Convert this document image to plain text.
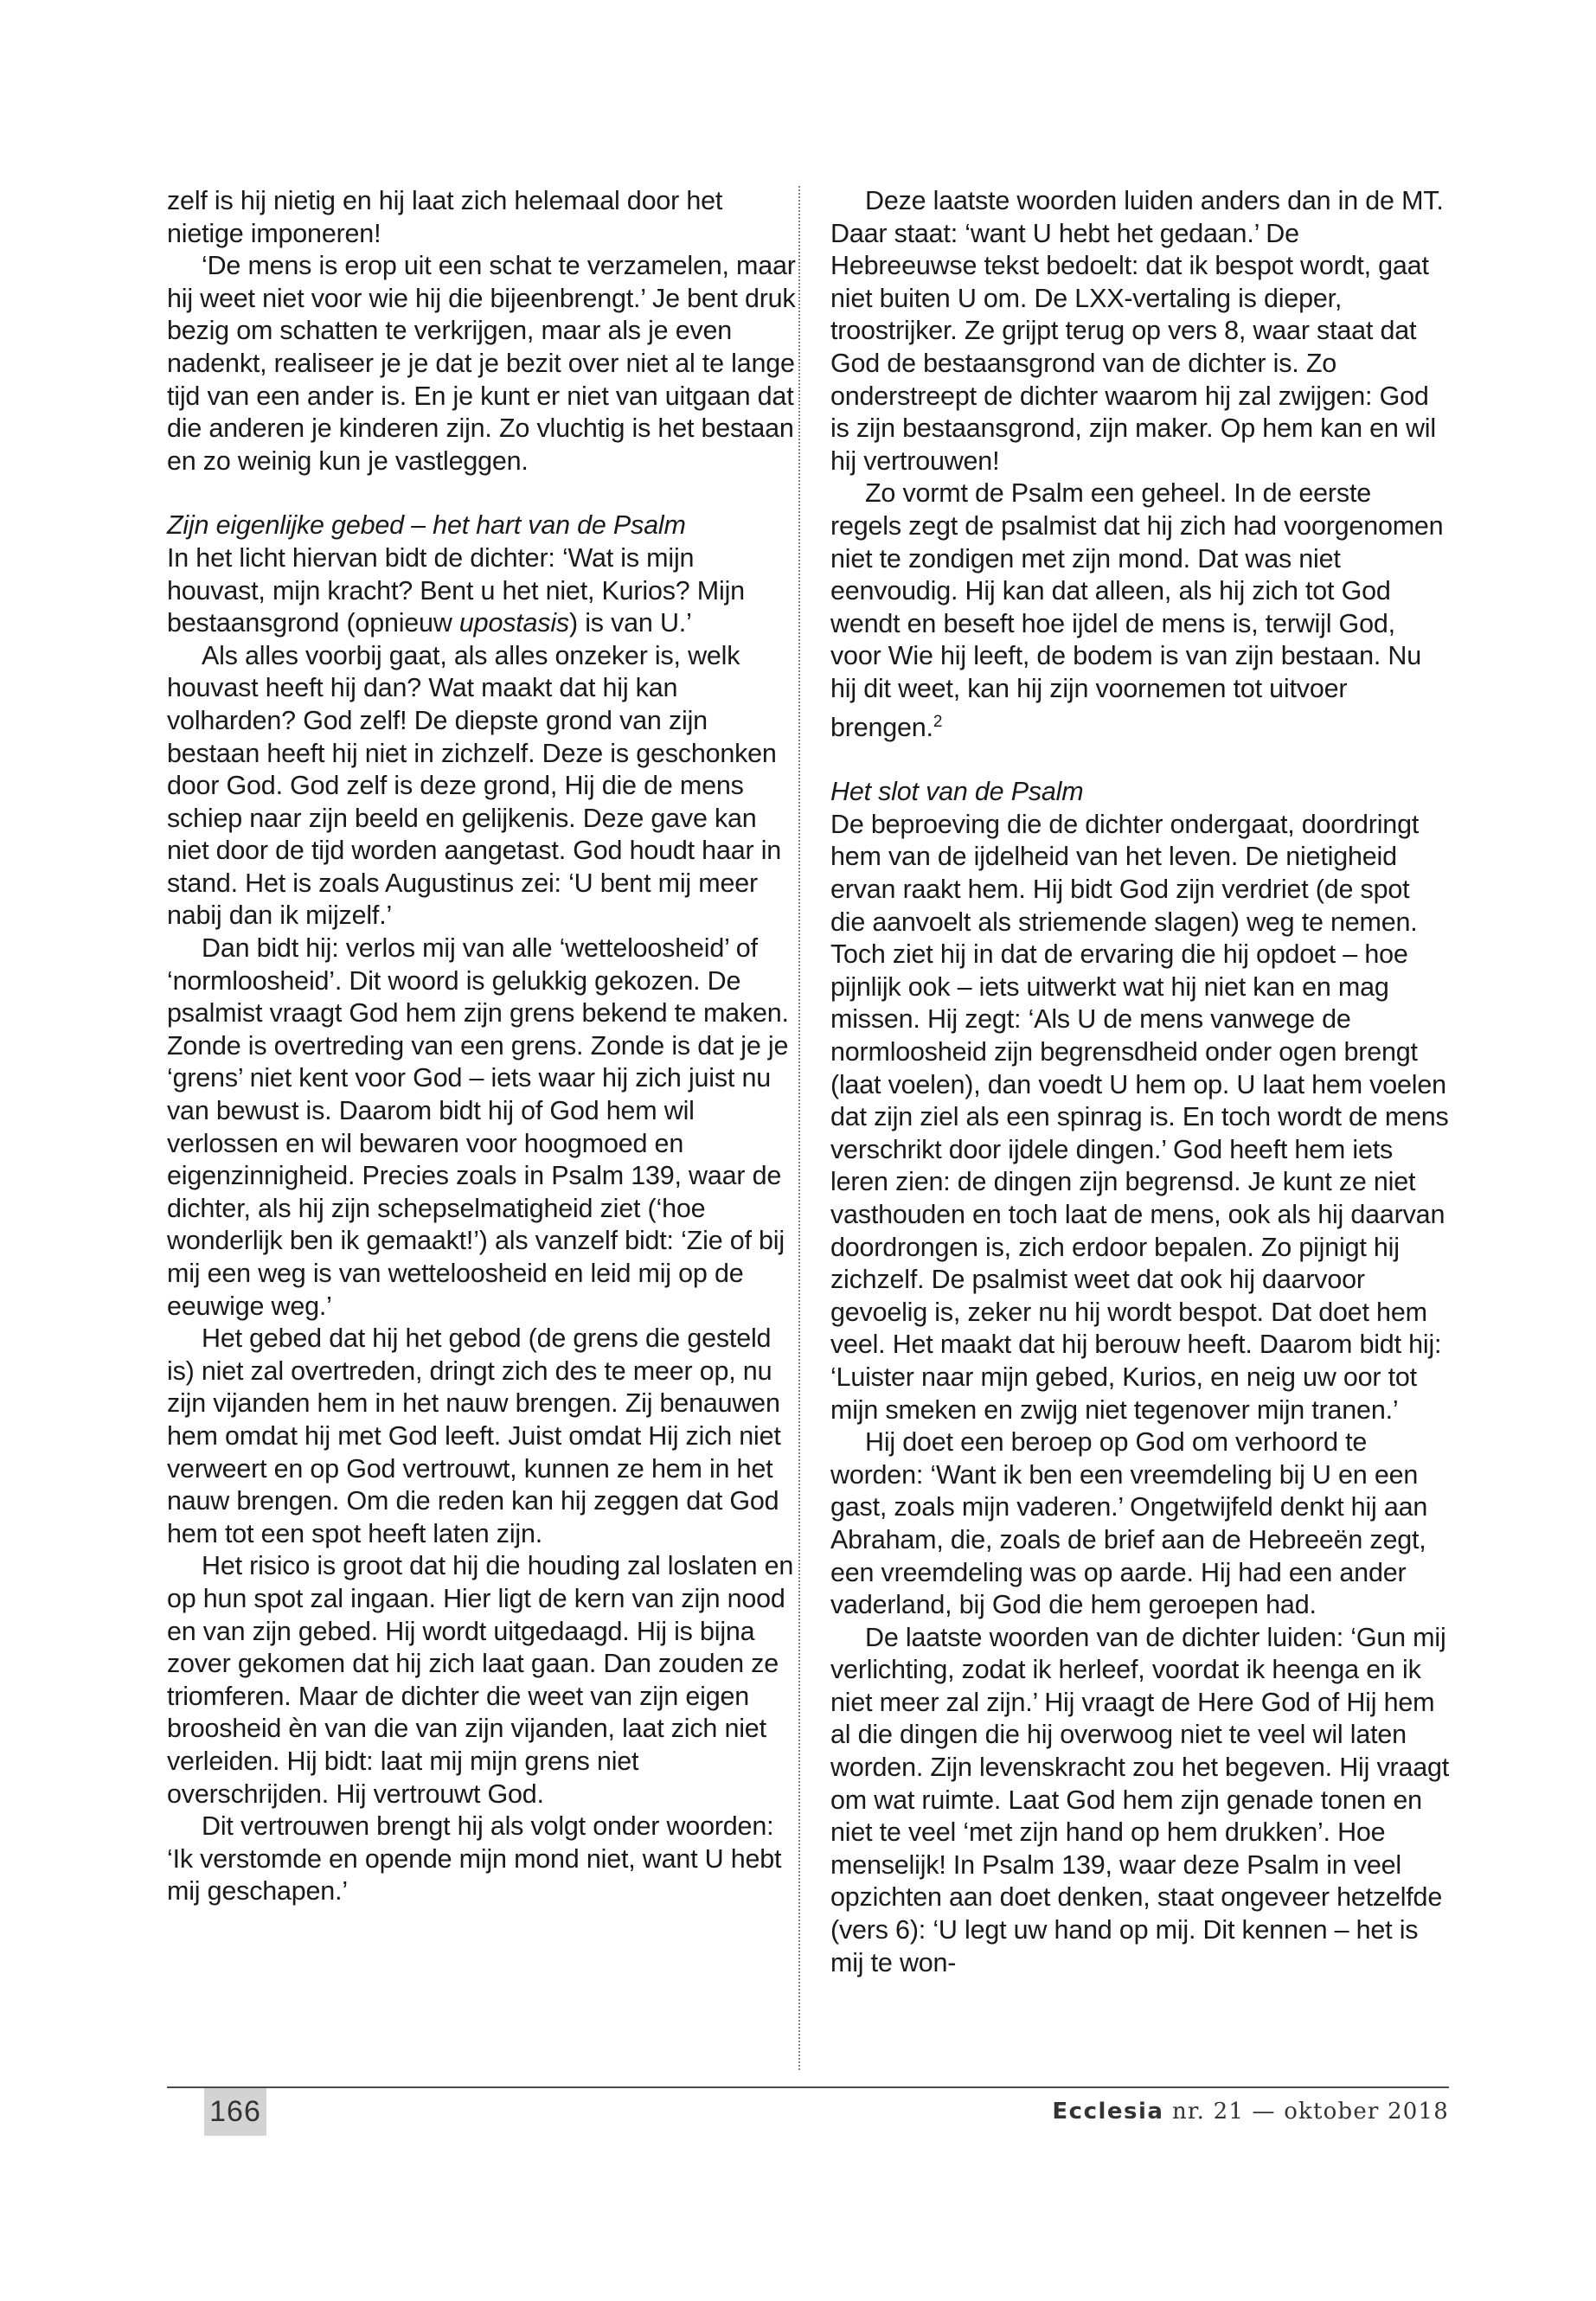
zelf is hij nietig en hij laat zich helemaal door het nietige imponeren!

‘De mens is erop uit een schat te verzamelen, maar hij weet niet voor wie hij die bijeenbrengt.’ Je bent druk bezig om schatten te verkrijgen, maar als je even nadenkt, realiseer je je dat je bezit over niet al te lange tijd van een ander is. En je kunt er niet van uitgaan dat die anderen je kinderen zijn. Zo vluchtig is het bestaan en zo weinig kun je vastleggen.

Zijn eigenlijke gebed – het hart van de Psalm

In het licht hiervan bidt de dichter: ‘Wat is mijn houvast, mijn kracht? Bent u het niet, Kurios? Mijn bestaansgrond (opnieuw upostasis) is van U.’

Als alles voorbij gaat, als alles onzeker is, welk houvast heeft hij dan? Wat maakt dat hij kan volharden? God zelf! De diepste grond van zijn bestaan heeft hij niet in zichzelf. Deze is geschonken door God. God zelf is deze grond, Hij die de mens schiep naar zijn beeld en gelijkenis. Deze gave kan niet door de tijd worden aangetast. God houdt haar in stand. Het is zoals Augustinus zei: ‘U bent mij meer nabij dan ik mijzelf.’

Dan bidt hij: verlos mij van alle ‘wetteloosheid’ of ‘normloosheid’. Dit woord is gelukkig gekozen. De psalmist vraagt God hem zijn grens bekend te maken. Zonde is overtreding van een grens. Zonde is dat je je ‘grens’ niet kent voor God – iets waar hij zich juist nu van bewust is. Daarom bidt hij of God hem wil verlossen en wil bewaren voor hoogmoed en eigenzinnigheid. Precies zoals in Psalm 139, waar de dichter, als hij zijn schepselmatigheid ziet (‘hoe wonderlijk ben ik gemaakt!’) als vanzelf bidt: ‘Zie of bij mij een weg is van wetteloosheid en leid mij op de eeuwige weg.’

Het gebed dat hij het gebod (de grens die gesteld is) niet zal overtreden, dringt zich des te meer op, nu zijn vijanden hem in het nauw brengen. Zij benauwen hem omdat hij met God leeft. Juist omdat Hij zich niet verweert en op God vertrouwt, kunnen ze hem in het nauw brengen. Om die reden kan hij zeggen dat God hem tot een spot heeft laten zijn.

Het risico is groot dat hij die houding zal loslaten en op hun spot zal ingaan. Hier ligt de kern van zijn nood en van zijn gebed. Hij wordt uitgedaagd. Hij is bijna zover gekomen dat hij zich laat gaan. Dan zouden ze triomferen. Maar de dichter die weet van zijn eigen broosheid èn van die van zijn vijanden, laat zich niet verleiden. Hij bidt: laat mij mijn grens niet overschrijden. Hij vertrouwt God.

Dit vertrouwen brengt hij als volgt onder woorden: ‘Ik verstomde en opende mijn mond niet, want U hebt mij geschapen.’

Deze laatste woorden luiden anders dan in de MT. Daar staat: ‘want U hebt het gedaan.’ De Hebreeuwse tekst bedoelt: dat ik bespot wordt, gaat niet buiten U om. De LXX-vertaling is dieper, troostrijker. Ze grijpt terug op vers 8, waar staat dat God de bestaansgrond van de dichter is. Zo onderstreept de dichter waarom hij zal zwijgen: God is zijn bestaansgrond, zijn maker. Op hem kan en wil hij vertrouwen!

Zo vormt de Psalm een geheel. In de eerste regels zegt de psalmist dat hij zich had voorgenomen niet te zondigen met zijn mond. Dat was niet eenvoudig. Hij kan dat alleen, als hij zich tot God wendt en beseft hoe ijdel de mens is, terwijl God, voor Wie hij leeft, de bodem is van zijn bestaan. Nu hij dit weet, kan hij zijn voornemen tot uitvoer brengen.$^2$

Het slot van de Psalm

De beproeving die de dichter ondergaat, doordringt hem van de ijdelheid van het leven. De nietigheid ervan raakt hem. Hij bidt God zijn verdriet (de spot die aanvoelt als striemende slagen) weg te nemen. Toch ziet hij in dat de ervaring die hij opdoet – hoe pijnlijk ook – iets uitwerkt wat hij niet kan en mag missen. Hij zegt: ‘Als U de mens vanwege de normloosheid zijn begrensdheid onder ogen brengt (laat voelen), dan voedt U hem op. U laat hem voelen dat zijn ziel als een spinrag is. En toch wordt de mens verschrikt door ijdele dingen.’ God heeft hem iets leren zien: de dingen zijn begrensd. Je kunt ze niet vasthouden en toch laat de mens, ook als hij daarvan doordrongen is, zich erdoor bepalen. Zo pijnigt hij zichzelf. De psalmist weet dat ook hij daarvoor gevoelig is, zeker nu hij wordt bespot. Dat doet hem veel. Het maakt dat hij berouw heeft. Daarom bidt hij: ‘Luister naar mijn gebed, Kurios, en neig uw oor tot mijn smeken en zwijg niet tegenover mijn tranen.’

Hij doet een beroep op God om verhoord te worden: ‘Want ik ben een vreemdeling bij U en een gast, zoals mijn vaderen.’ Ongetwijfeld denkt hij aan Abraham, die, zoals de brief aan de Hebreeën zegt, een vreemdeling was op aarde. Hij had een ander vaderland, bij God die hem geroepen had.

De laatste woorden van de dichter luiden: ‘Gun mij verlichting, zodat ik herleef, voordat ik heenga en ik niet meer zal zijn.’ Hij vraagt de Here God of Hij hem al die dingen die hij overwoog niet te veel wil laten worden. Zijn levenskracht zou het begeven. Hij vraagt om wat ruimte. Laat God hem zijn genade tonen en niet te veel ‘met zijn hand op hem drukken’. Hoe menselijk! In Psalm 139, waar deze Psalm in veel opzichten aan doet denken, staat ongeveer hetzelfde (vers 6): ‘U legt uw hand op mij. Dit kennen – het is mij te won-

166	Ecclesia nr. 21 — oktober 2018
